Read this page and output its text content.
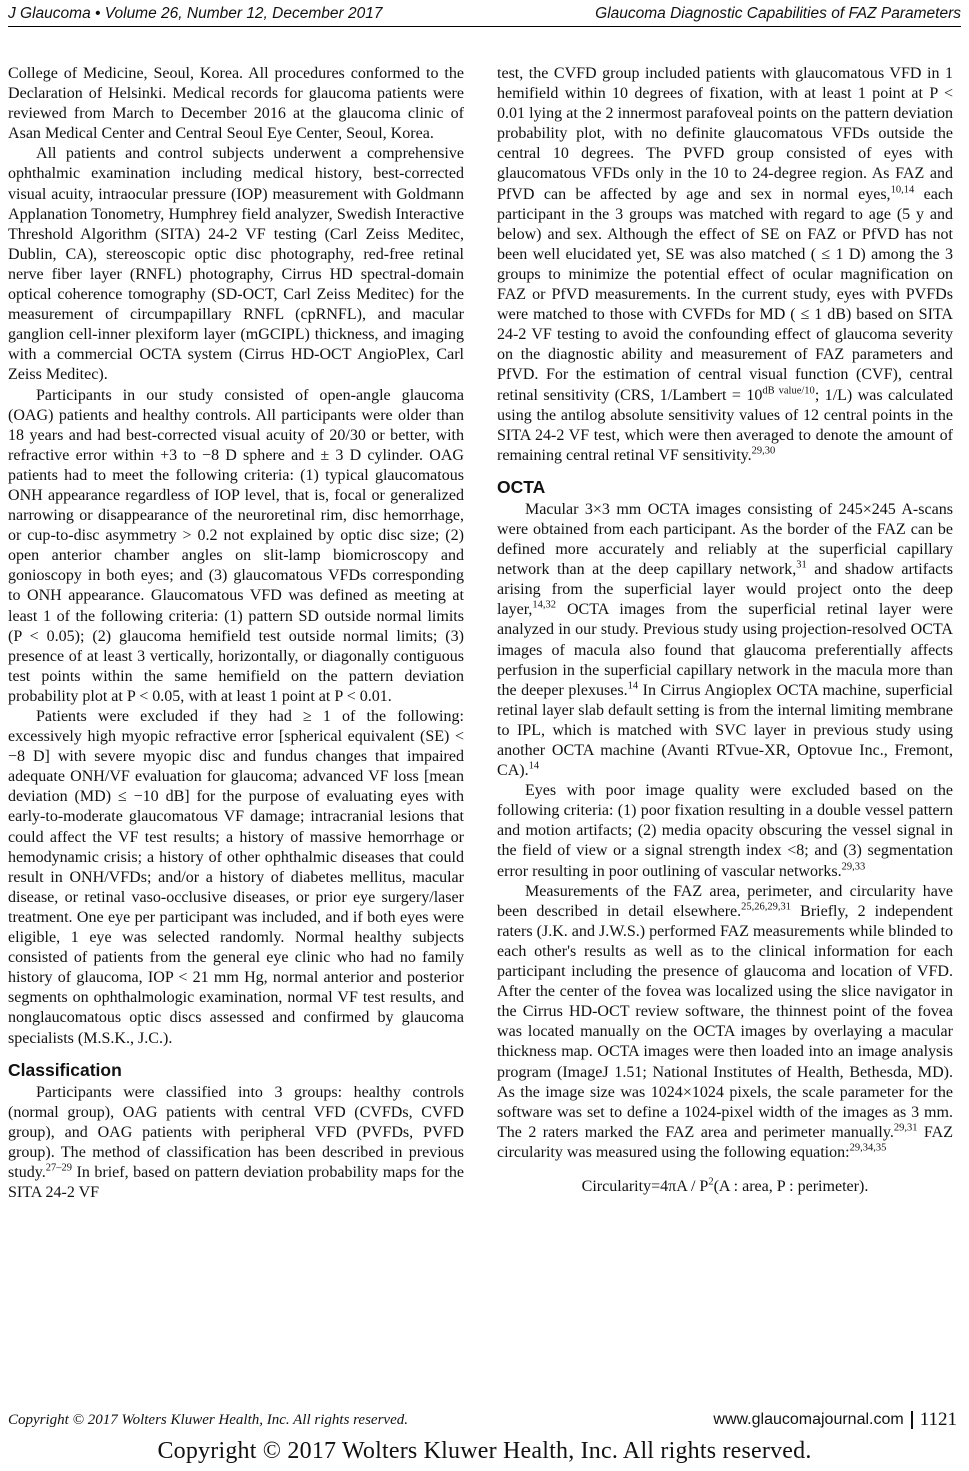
J Glaucoma • Volume 26, Number 12, December 2017	Glaucoma Diagnostic Capabilities of FAZ Parameters

College of Medicine, Seoul, Korea. All procedures conformed to the Declaration of Helsinki. Medical records for glaucoma patients were reviewed from March to December 2016 at the glaucoma clinic of Asan Medical Center and Central Seoul Eye Center, Seoul, Korea.

All patients and control subjects underwent a comprehensive ophthalmic examination including medical history, best-corrected visual acuity, intraocular pressure (IOP) measurement with Goldmann Applanation Tonometry, Humphrey field analyzer, Swedish Interactive Threshold Algorithm (SITA) 24-2 VF testing (Carl Zeiss Meditec, Dublin, CA), stereoscopic optic disc photography, red-free retinal nerve fiber layer (RNFL) photography, Cirrus HD spectral-domain optical coherence tomography (SD-OCT, Carl Zeiss Meditec) for the measurement of circumpapillary RNFL (cpRNFL), and macular ganglion cell-inner plexiform layer (mGCIPL) thickness, and imaging with a commercial OCTA system (Cirrus HD-OCT AngioPlex, Carl Zeiss Meditec).

Participants in our study consisted of open-angle glaucoma (OAG) patients and healthy controls. All participants were older than 18 years and had best-corrected visual acuity of 20/30 or better, with refractive error within +3 to −8 D sphere and ± 3 D cylinder. OAG patients had to meet the following criteria: (1) typical glaucomatous ONH appearance regardless of IOP level, that is, focal or generalized narrowing or disappearance of the neuroretinal rim, disc hemorrhage, or cup-to-disc asymmetry > 0.2 not explained by optic disc size; (2) open anterior chamber angles on slit-lamp biomicroscopy and gonioscopy in both eyes; and (3) glaucomatous VFDs corresponding to ONH appearance. Glaucomatous VFD was defined as meeting at least 1 of the following criteria: (1) pattern SD outside normal limits (P < 0.05); (2) glaucoma hemifield test outside normal limits; (3) presence of at least 3 vertically, horizontally, or diagonally contiguous test points within the same hemifield on the pattern deviation probability plot at P < 0.05, with at least 1 point at P < 0.01.

Patients were excluded if they had ≥ 1 of the following: excessively high myopic refractive error [spherical equivalent (SE) < −8 D] with severe myopic disc and fundus changes that impaired adequate ONH/VF evaluation for glaucoma; advanced VF loss [mean deviation (MD) ≤ −10 dB] for the purpose of evaluating eyes with early-to-moderate glaucomatous VF damage; intracranial lesions that could affect the VF test results; a history of massive hemorrhage or hemodynamic crisis; a history of other ophthalmic diseases that could result in ONH/VFDs; and/or a history of diabetes mellitus, macular disease, or retinal vaso-occlusive diseases, or prior eye surgery/laser treatment. One eye per participant was included, and if both eyes were eligible, 1 eye was selected randomly. Normal healthy subjects consisted of patients from the general eye clinic who had no family history of glaucoma, IOP < 21 mm Hg, normal anterior and posterior segments on ophthalmologic examination, normal VF test results, and nonglaucomatous optic discs assessed and confirmed by glaucoma specialists (M.S.K., J.C.).

Classification

Participants were classified into 3 groups: healthy controls (normal group), OAG patients with central VFD (CVFDs, CVFD group), and OAG patients with peripheral VFD (PVFDs, PVFD group). The method of classification has been described in previous study.$^{27-29}$ In brief, based on pattern deviation probability maps for the SITA 24-2 VF

test, the CVFD group included patients with glaucomatous VFD in 1 hemifield within 10 degrees of fixation, with at least 1 point at P < 0.01 lying at the 2 innermost parafoveal points on the pattern deviation probability plot, with no definite glaucomatous VFDs outside the central 10 degrees. The PVFD group consisted of eyes with glaucomatous VFDs only in the 10 to 24-degree region. As FAZ and PfVD can be affected by age and sex in normal eyes,$^{10,14}$ each participant in the 3 groups was matched with regard to age (5 y and below) and sex. Although the effect of SE on FAZ or PfVD has not been well elucidated yet, SE was also matched ( ≤ 1 D) among the 3 groups to minimize the potential effect of ocular magnification on FAZ or PfVD measurements. In the current study, eyes with PVFDs were matched to those with CVFDs for MD ( ≤ 1 dB) based on SITA 24-2 VF testing to avoid the confounding effect of glaucoma severity on the diagnostic ability and measurement of FAZ parameters and PfVD. For the estimation of central visual function (CVF), central retinal sensitivity (CRS, 1/Lambert = $10^{dB value/10}$; 1/L) was calculated using the antilog absolute sensitivity values of 12 central points in the SITA 24-2 VF test, which were then averaged to denote the amount of remaining central retinal VF sensitivity.$^{29,30}$

OCTA

Macular 3×3 mm OCTA images consisting of 245×245 A-scans were obtained from each participant. As the border of the FAZ can be defined more accurately and reliably at the superficial capillary network than at the deep capillary network,$^{31}$ and shadow artifacts arising from the superficial layer would project onto the deep layer,$^{14,32}$ OCTA images from the superficial retinal layer were analyzed in our study. Previous study using projection-resolved OCTA images of macula also found that glaucoma preferentially affects perfusion in the superficial capillary network in the macula more than the deeper plexuses.$^{14}$ In Cirrus Angioplex OCTA machine, superficial retinal layer slab default setting is from the internal limiting membrane to IPL, which is matched with SVC layer in previous study using another OCTA machine (Avanti RTvue-XR, Optovue Inc., Fremont, CA).$^{14}$

Eyes with poor image quality were excluded based on the following criteria: (1) poor fixation resulting in a double vessel pattern and motion artifacts; (2) media opacity obscuring the vessel signal in the field of view or a signal strength index <8; and (3) segmentation error resulting in poor outlining of vascular networks.$^{29,33}$

Measurements of the FAZ area, perimeter, and circularity have been described in detail elsewhere.$^{25,26,29,31}$ Briefly, 2 independent raters (J.K. and J.W.S.) performed FAZ measurements while blinded to each other's results as well as to the clinical information for each participant including the presence of glaucoma and location of VFD. After the center of the fovea was localized using the slice navigator in the Cirrus HD-OCT review software, the thinnest point of the fovea was located manually on the OCTA images by overlaying a macular thickness map. OCTA images were then loaded into an image analysis program (ImageJ 1.51; National Institutes of Health, Bethesda, MD). As the image size was 1024×1024 pixels, the scale parameter for the software was set to define a 1024-pixel width of the images as 3 mm. The 2 raters marked the FAZ area and perimeter manually.$^{29,31}$ FAZ circularity was measured using the following equation:$^{29,34,35}$

Circularity=4πA / $P^2(A$ : area, P : perimeter).

Copyright © 2017 Wolters Kluwer Health, Inc. All rights reserved.	www.glaucomajournal.com 1121
Copyright © 2017 Wolters Kluwer Health, Inc. All rights reserved.
